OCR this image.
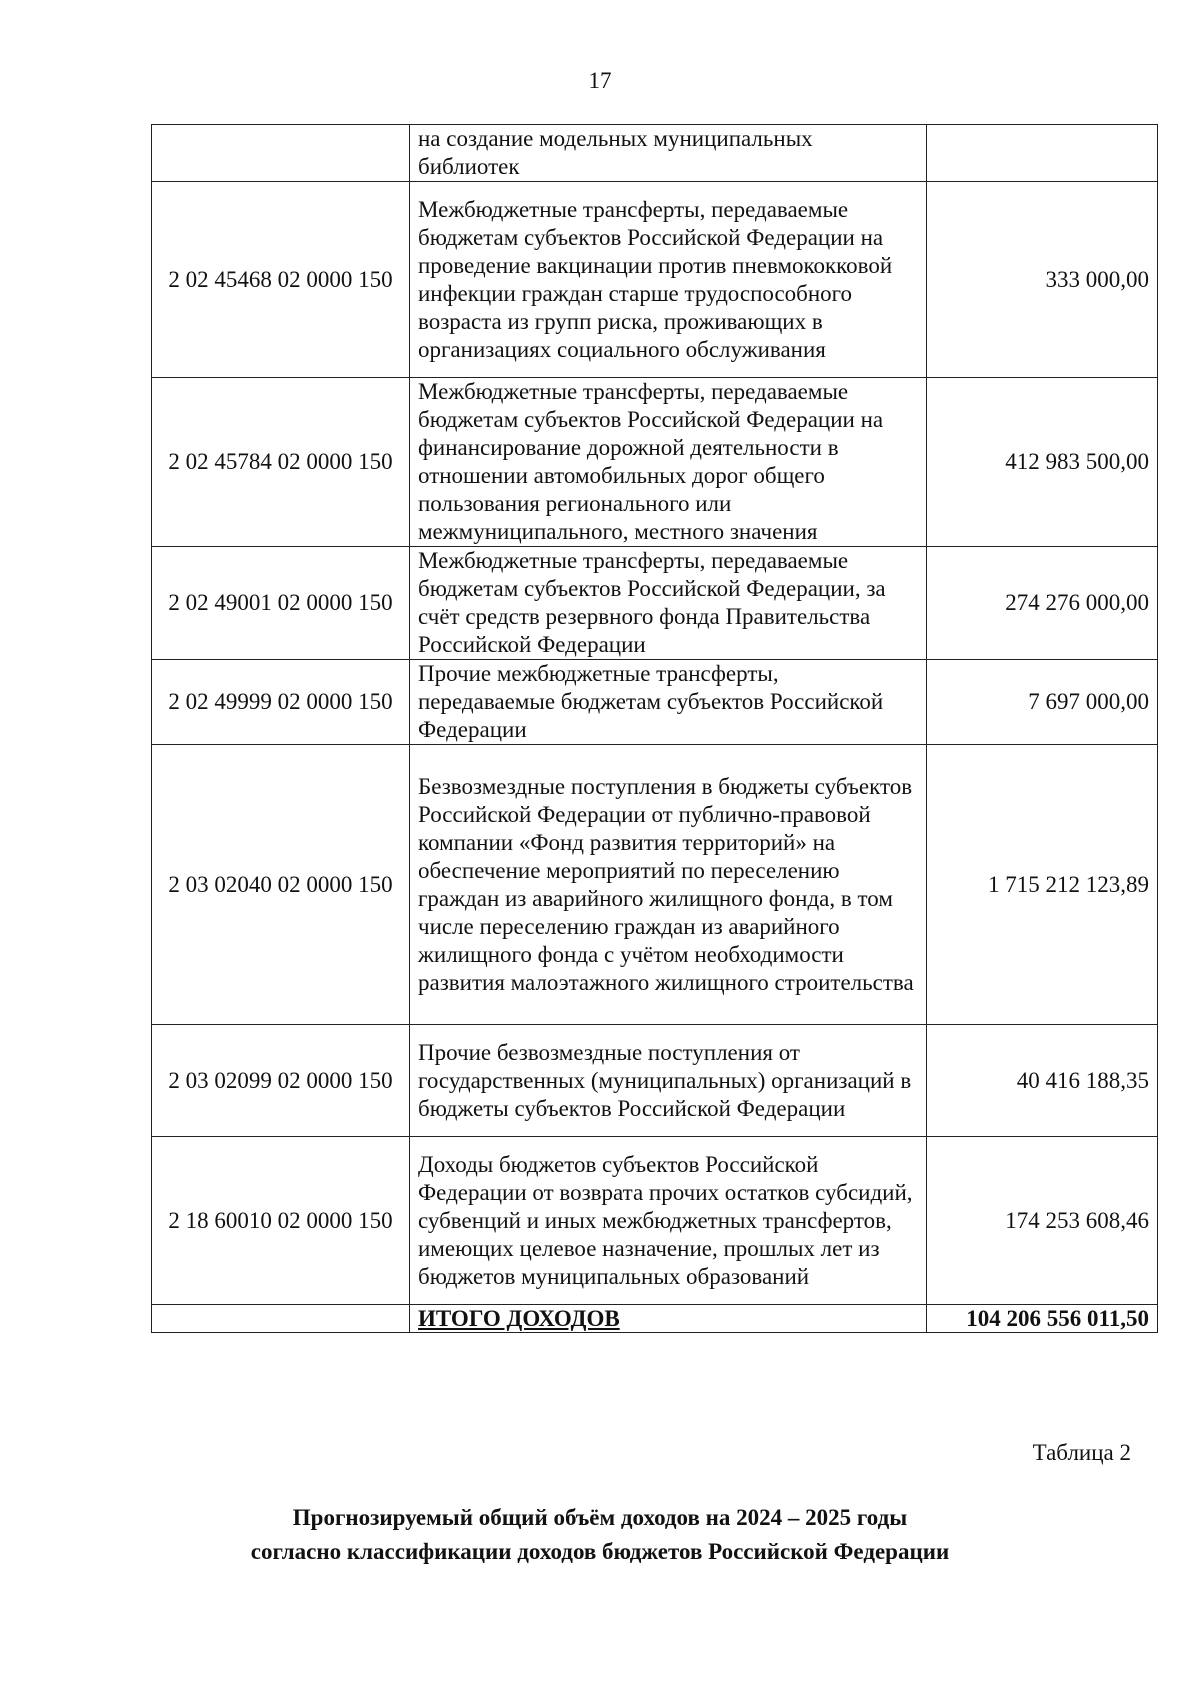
17
	на создание модельных муниципальных библиотек	
2 02 45468 02 0000 150	Межбюджетные трансферты, передаваемые бюджетам субъектов Российской Федерации на проведение вакцинации против пневмококковой инфекции граждан старше трудоспособного возраста из групп риска, проживающих в организациях социального обслуживания	333 000,00
2 02 45784 02 0000 150	Межбюджетные трансферты, передаваемые бюджетам субъектов Российской Федерации на финансирование дорожной деятельности в отношении автомобильных дорог общего пользования регионального или межмуниципального, местного значения	412 983 500,00
2 02 49001 02 0000 150	Межбюджетные трансферты, передаваемые бюджетам субъектов Российской Федерации, за счёт средств резервного фонда Правительства Российской Федерации	274 276 000,00
2 02 49999 02 0000 150	Прочие межбюджетные трансферты, передаваемые бюджетам субъектов Российской Федерации	7 697 000,00
2 03 02040 02 0000 150	Безвозмездные поступления в бюджеты субъектов Российской Федерации от публично-правовой компании «Фонд развития территорий» на обеспечение мероприятий по переселению граждан из аварийного жилищного фонда, в том числе переселению граждан из аварийного жилищного фонда с учётом необходимости развития малоэтажного жилищного строительства	1 715 212 123,89
2 03 02099 02 0000 150	Прочие безвозмездные поступления от государственных (муниципальных) организаций в бюджеты субъектов Российской Федерации	40 416 188,35
2 18 60010 02 0000 150	Доходы бюджетов субъектов Российской Федерации от возврата прочих остатков субсидий, субвенций и иных межбюджетных трансфертов, имеющих целевое назначение, прошлых лет из бюджетов муниципальных образований	174 253 608,46
	ИТОГО ДОХОДОВ	104 206 556 011,50
Таблица 2
Прогнозируемый общий объём доходов на 2024 – 2025 годы
согласно классификации доходов бюджетов Российской Федерации
